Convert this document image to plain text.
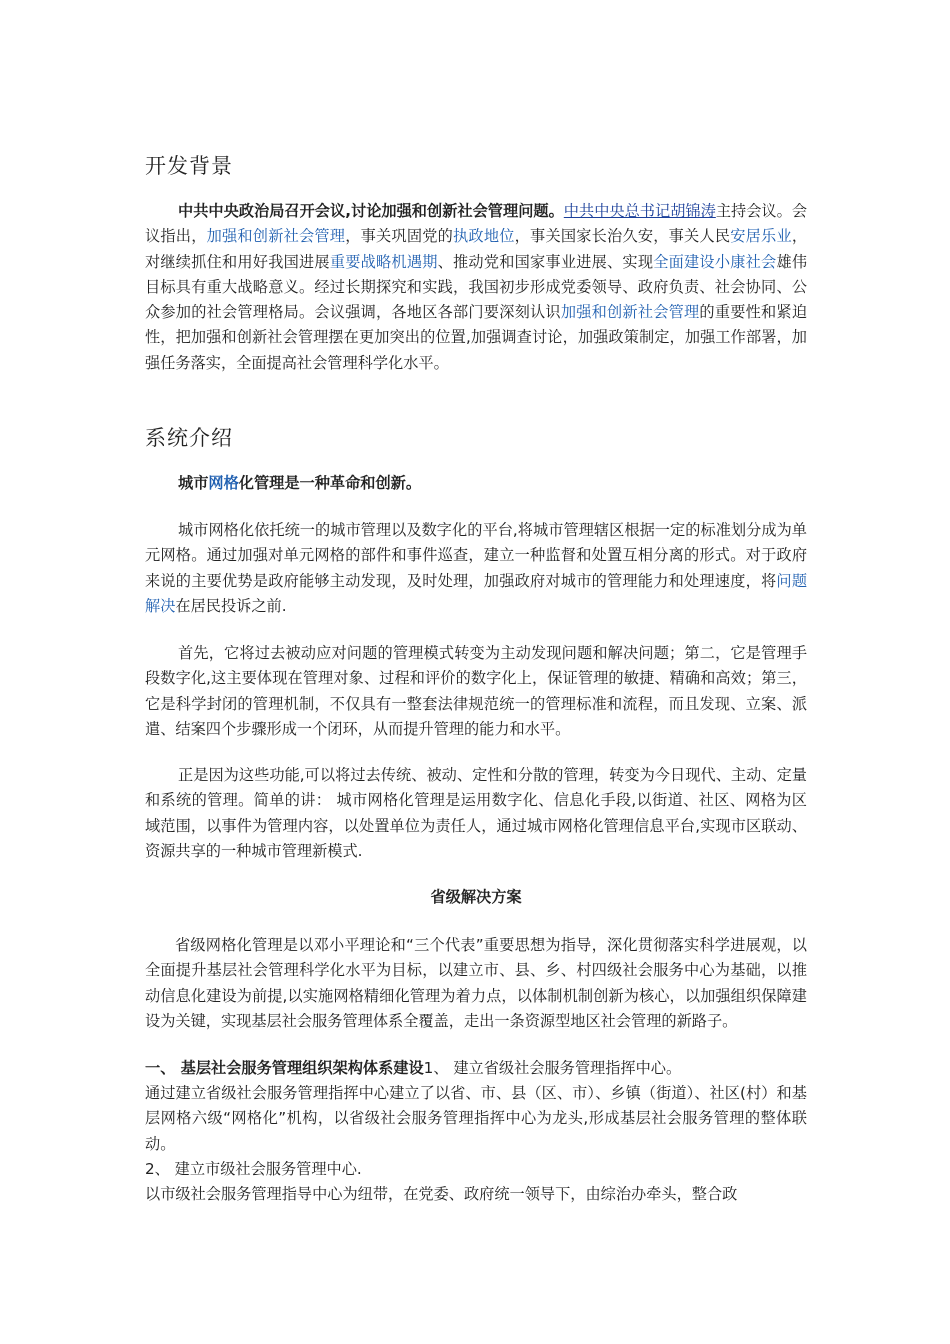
开发背景
中共中央政治局召开会议,讨论加强和创新社会管理问题。中共中央总书记胡锦涛主持会议。会议指出，加强和创新社会管理，事关巩固党的执政地位，事关国家长治久安，事关人民安居乐业，对继续抓住和用好我国进展重要战略机遇期、推动党和国家事业进展、实现全面建设小康社会雄伟目标具有重大战略意义。经过长期探究和实践，我国初步形成党委领导、政府负责、社会协同、公众参加的社会管理格局。会议强调，各地区各部门要深刻认识加强和创新社会管理的重要性和紧迫性，把加强和创新社会管理摆在更加突出的位置,加强调查讨论，加强政策制定，加强工作部署，加强任务落实，全面提高社会管理科学化水平。
系统介绍
城市网格化管理是一种革命和创新。
城市网格化依托统一的城市管理以及数字化的平台,将城市管理辖区根据一定的标准划分成为单元网格。通过加强对单元网格的部件和事件巡查，建立一种监督和处置互相分离的形式。对于政府来说的主要优势是政府能够主动发现，及时处理，加强政府对城市的管理能力和处理速度，将问题解决在居民投诉之前.
首先，它将过去被动应对问题的管理模式转变为主动发现问题和解决问题；第二，它是管理手段数字化,这主要体现在管理对象、过程和评价的数字化上，保证管理的敏捷、精确和高效；第三，它是科学封闭的管理机制，不仅具有一整套法律规范统一的管理标准和流程，而且发现、立案、派遣、结案四个步骤形成一个闭环，从而提升管理的能力和水平。
正是因为这些功能,可以将过去传统、被动、定性和分散的管理，转变为今日现代、主动、定量和系统的管理。简单的讲： 城市网格化管理是运用数字化、信息化手段,以街道、社区、网格为区域范围，以事件为管理内容，以处置单位为责任人，通过城市网格化管理信息平台,实现市区联动、资源共享的一种城市管理新模式.
省级解决方案
省级网格化管理是以邓小平理论和“三个代表”重要思想为指导，深化贯彻落实科学进展观，以全面提升基层社会管理科学化水平为目标，以建立市、县、乡、村四级社会服务中心为基础，以推动信息化建设为前提,以实施网格精细化管理为着力点，以体制机制创新为核心，以加强组织保障建设为关键，实现基层社会服务管理体系全覆盖，走出一条资源型地区社会管理的新路子。
一、 基层社会服务管理组织架构体系建设1、 建立省级社会服务管理指挥中心。
通过建立省级社会服务管理指挥中心建立了以省、市、县（区、市）、乡镇（街道）、社区(村）和基层网格六级“网格化”机构，以省级社会服务管理指挥中心为龙头,形成基层社会服务管理的整体联动。
2、 建立市级社会服务管理中心.
以市级社会服务管理指导中心为纽带，在党委、政府统一领导下，由综治办牵头，整合政
